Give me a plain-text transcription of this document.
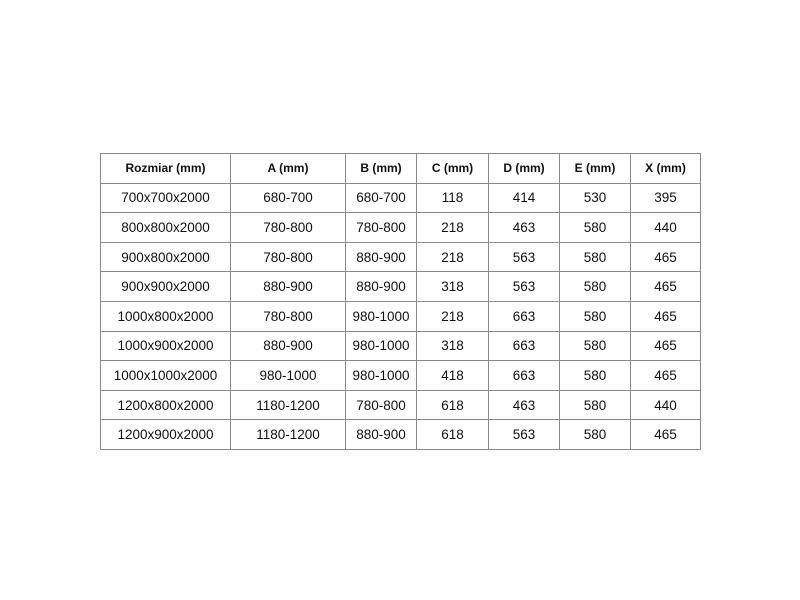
Rozmiar (mm)	A (mm)	B (mm)	C (mm)	D (mm)	E (mm)	X (mm)
700x700x2000	680-700	680-700	118	414	530	395
800x800x2000	780-800	780-800	218	463	580	440
900x800x2000	780-800	880-900	218	563	580	465
900x900x2000	880-900	880-900	318	563	580	465
1000x800x2000	780-800	980-1000	218	663	580	465
1000x900x2000	880-900	980-1000	318	663	580	465
1000x1000x2000	980-1000	980-1000	418	663	580	465
1200x800x2000	1180-1200	780-800	618	463	580	440
1200x900x2000	1180-1200	880-900	618	563	580	465
